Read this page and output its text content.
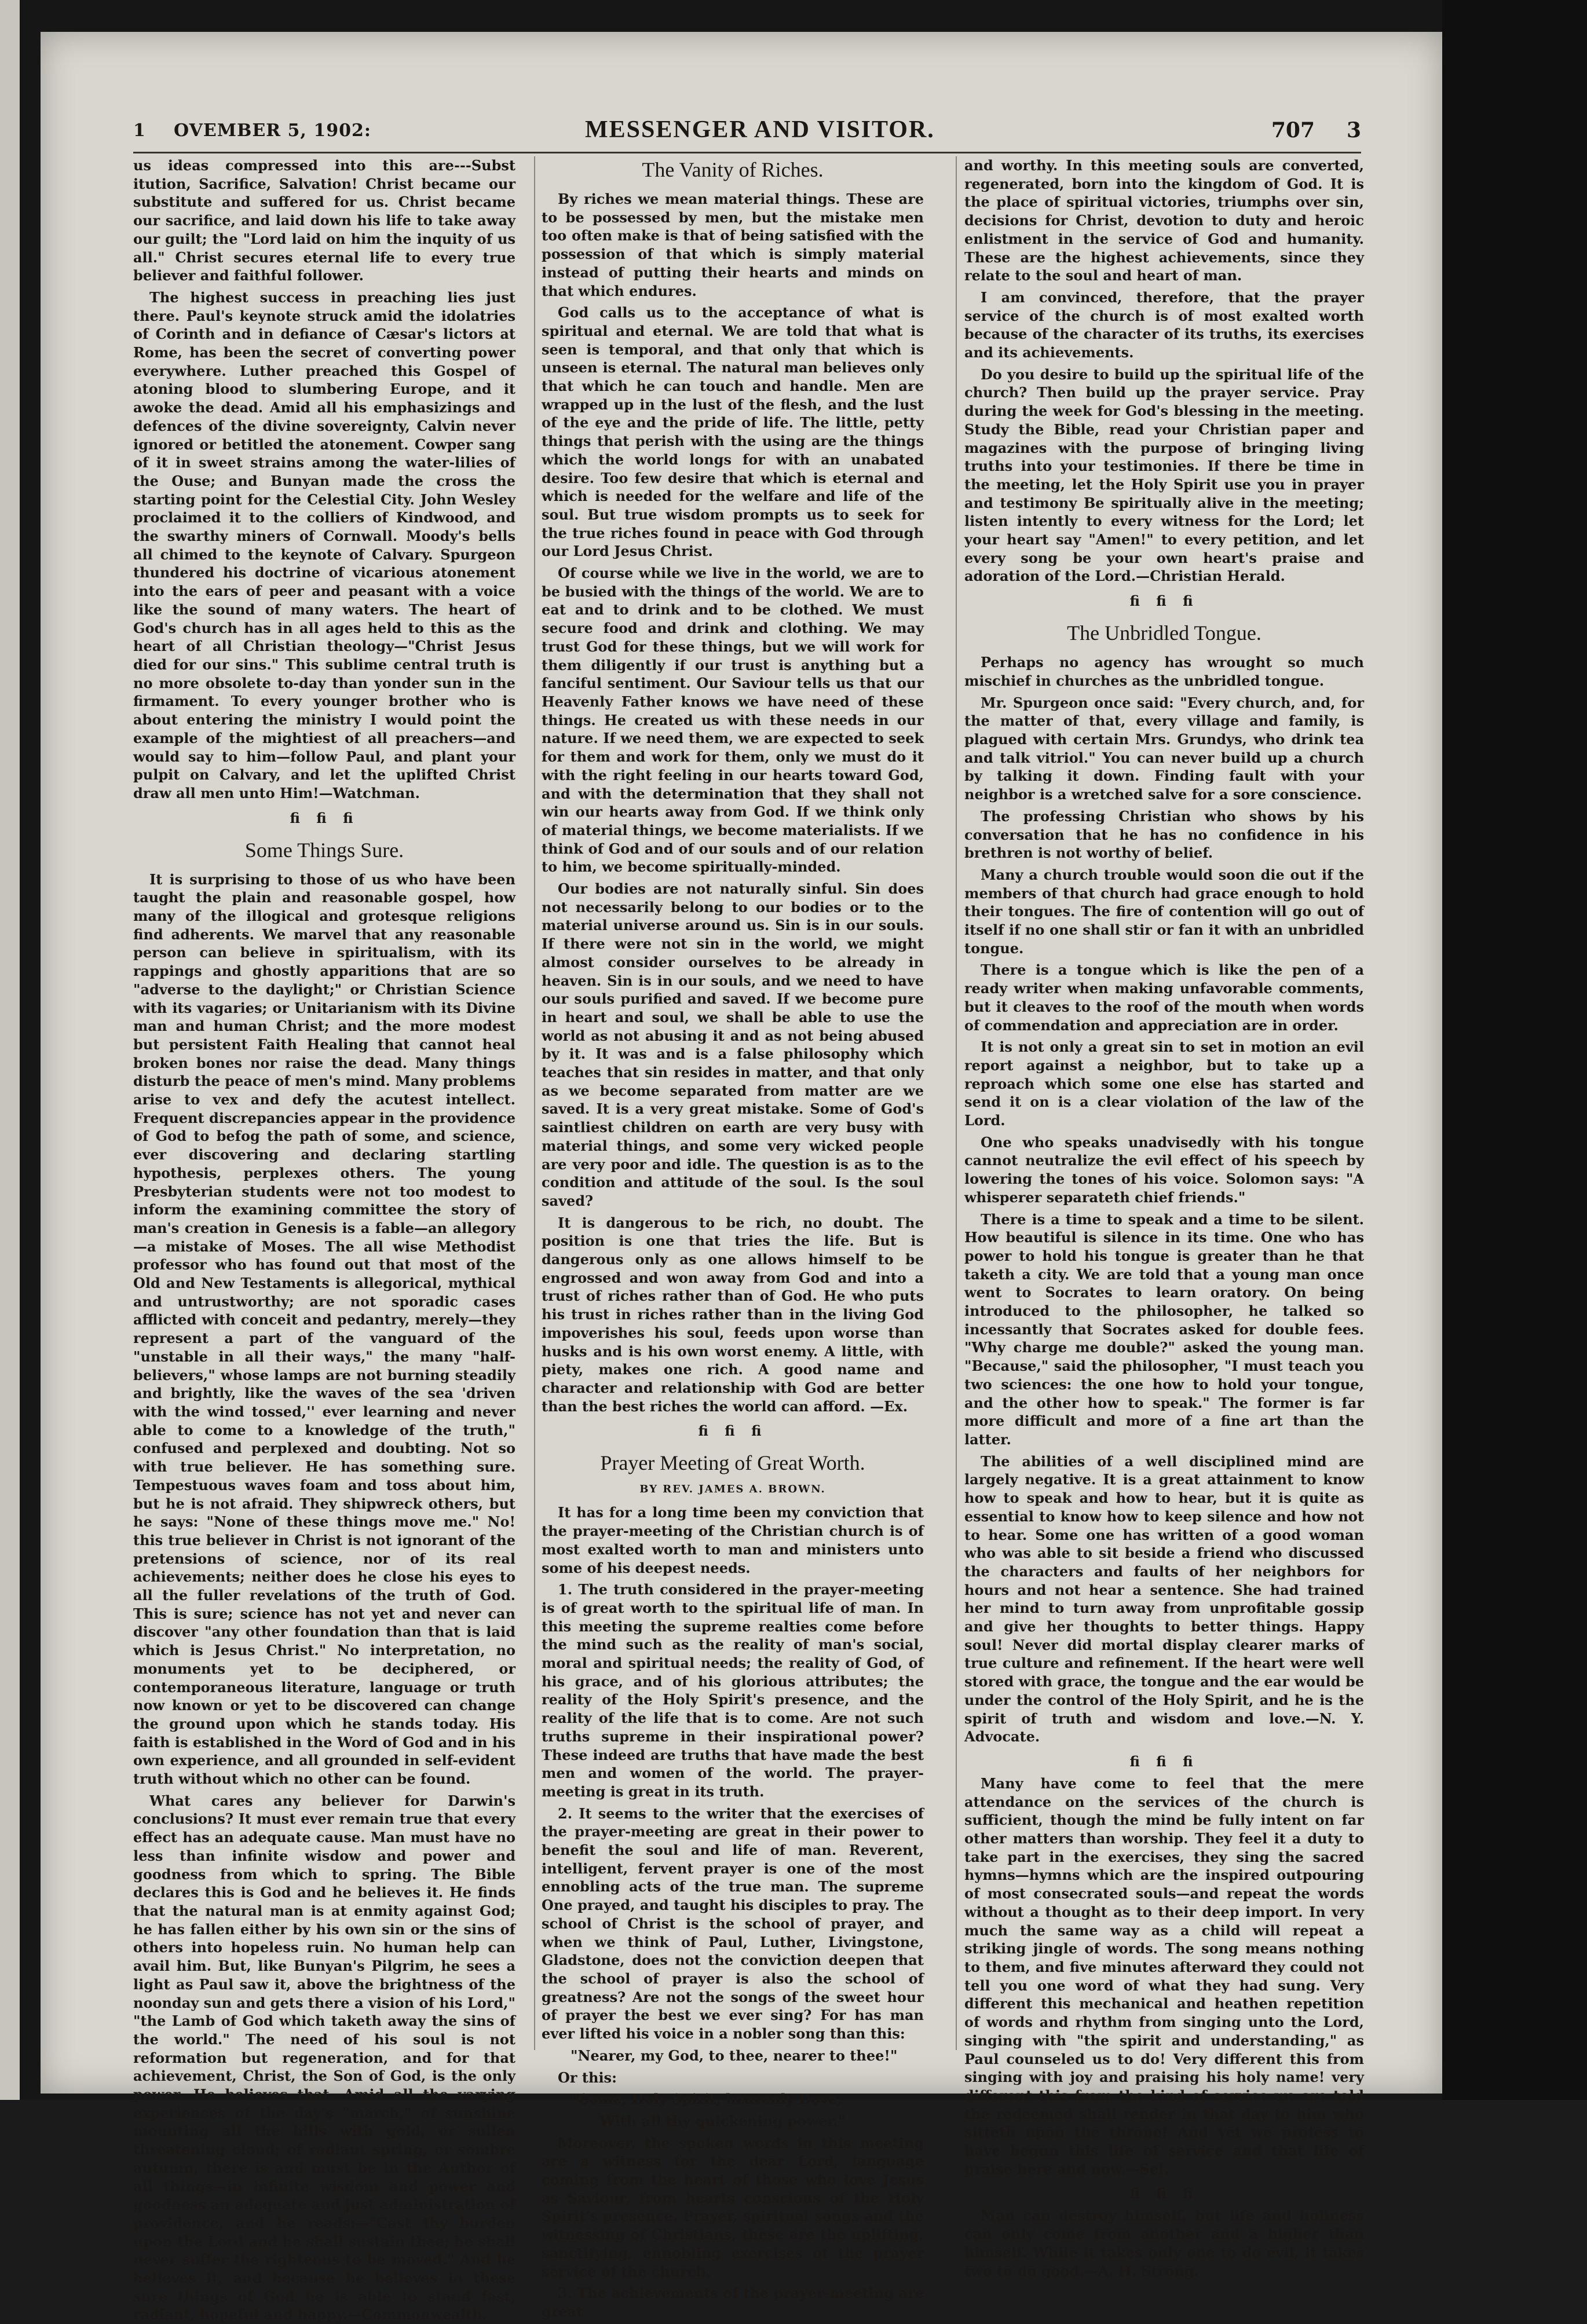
1 OVEMBER 5, 1902:	MESSENGER AND VISITOR.	707 3

us ideas compressed into this are---Subst itution, Sacrifice, Salvation! Christ became our substitute and suffered for us. Christ became our sacrifice, and laid down his life to take away our guilt; the "Lord laid on him the inquity of us all." Christ secures eternal life to every true believer and faithful follower.

The highest success in preaching lies just there. Paul's keynote struck amid the idolatries of Corinth and in defiance of Cæsar's lictors at Rome, has been the secret of converting power everywhere. Luther preached this Gospel of atoning blood to slumbering Europe, and it awoke the dead. Amid all his emphasizings and defences of the divine sovereignty, Calvin never ignored or betitled the atonement. Cowper sang of it in sweet strains among the water-lilies of the Ouse; and Bunyan made the cross the starting point for the Celestial City. John Wesley proclaimed it to the colliers of Kindwood, and the swarthy miners of Cornwall. Moody's bells all chimed to the keynote of Calvary. Spurgeon thundered his doctrine of vicarious atonement into the ears of peer and peasant with a voice like the sound of many waters. The heart of God's church has in all ages held to this as the heart of all Christian theology—"Christ Jesus died for our sins." This sublime central truth is no more obsolete to-day than yonder sun in the firmament. To every younger brother who is about entering the ministry I would point the example of the mightiest of all preachers—and would say to him—follow Paul, and plant your pulpit on Calvary, and let the uplifted Christ draw all men unto Him!—Watchman.

ﬁ ﬁ ﬁ
Some Things Sure.

It is surprising to those of us who have been taught the plain and reasonable gospel, how many of the illogical and grotesque religions find adherents. We marvel that any reasonable person can believe in spiritualism, with its rappings and ghostly apparitions that are so "adverse to the daylight;" or Christian Science with its vagaries; or Unitarianism with its Divine man and human Christ; and the more modest but persistent Faith Healing that cannot heal broken bones nor raise the dead. Many things disturb the peace of men's mind. Many problems arise to vex and defy the acutest intellect. Frequent discrepancies appear in the providence of God to befog the path of some, and science, ever discovering and declaring startling hypothesis, perplexes others. The young Presbyterian students were not too modest to inform the examining committee the story of man's creation in Genesis is a fable—an allegory—a mistake of Moses. The all wise Methodist professor who has found out that most of the Old and New Testaments is allegorical, mythical and untrustworthy; are not sporadic cases afflicted with conceit and pedantry, merely—they represent a part of the vanguard of the "unstable in all their ways," the many "half-believers," whose lamps are not burning steadily and brightly, like the waves of the sea 'driven with the wind tossed,'' ever learning and never able to come to a knowledge of the truth," confused and perplexed and doubting. Not so with true believer. He has something sure. Tempestuous waves foam and toss about him, but he is not afraid. They shipwreck others, but he says: "None of these things move me." No! this true believer in Christ is not ignorant of the pretensions of science, nor of its real achievements; neither does he close his eyes to all the fuller revelations of the truth of God. This is sure; science has not yet and never can discover "any other foundation than that is laid which is Jesus Christ." No interpretation, no monuments yet to be deciphered, or contemporaneous literature, language or truth now known or yet to be discovered can change the ground upon which he stands today. His faith is established in the Word of God and in his own experience, and all grounded in self-evident truth without which no other can be found.

What cares any believer for Darwin's conclusions? It must ever remain true that every effect has an adequate cause. Man must have no less than infinite wisdow and power and goodness from which to spring. The Bible declares this is God and he believes it. He finds that the natural man is at enmity against God; he has fallen either by his own sin or the sins of others into hopeless ruin. No human help can avail him. But, like Bunyan's Pilgrim, he sees a light as Paul saw it, above the brightness of the noonday sun and gets there a vision of his Lord," "the Lamb of God which taketh away the sins of the world." The need of his soul is not reformation but regeneration, and for that achievement, Christ, the Son of God, is the only power. He believes that. Amid all the varying experiences of the day's "march," of sunshine mounting all the hills with gold, or sullen threatening cloud; of radiant spring, or sombre autumn, there is and must be in the Author of all things—in infinite wisdom and power and goodness an adequate and just administration of providence, and he reads:—"Cast thy burden upon the Lord and he shall sustain thee; he shall never suffer the righteous to be moved." And he believes it, and because he believes in these sure things of God he is able to stand fast, radiant, hopeful and happy.—Commonwealth.

The Vanity of Riches.

By riches we mean material things. These are to be possessed by men, but the mistake men too often make is that of being satisfied with the possession of that which is simply material instead of putting their hearts and minds on that which endures.

God calls us to the acceptance of what is spiritual and eternal. We are told that what is seen is temporal, and that only that which is unseen is eternal. The natural man believes only that which he can touch and handle. Men are wrapped up in the lust of the flesh, and the lust of the eye and the pride of life. The little, petty things that perish with the using are the things which the world longs for with an unabated desire. Too few desire that which is eternal and which is needed for the welfare and life of the soul. But true wisdom prompts us to seek for the true riches found in peace with God through our Lord Jesus Christ.

Of course while we live in the world, we are to be busied with the things of the world. We are to eat and to drink and to be clothed. We must secure food and drink and clothing. We may trust God for these things, but we will work for them diligently if our trust is anything but a fanciful sentiment. Our Saviour tells us that our Heavenly Father knows we have need of these things. He created us with these needs in our nature. If we need them, we are expected to seek for them and work for them, only we must do it with the right feeling in our hearts toward God, and with the determination that they shall not win our hearts away from God. If we think only of material things, we become materialists. If we think of God and of our souls and of our relation to him, we become spiritually-minded.

Our bodies are not naturally sinful. Sin does not necessarily belong to our bodies or to the material universe around us. Sin is in our souls. If there were not sin in the world, we might almost consider ourselves to be already in heaven. Sin is in our souls, and we need to have our souls purified and saved. If we become pure in heart and soul, we shall be able to use the world as not abusing it and as not being abused by it. It was and is a false philosophy which teaches that sin resides in matter, and that only as we become separated from matter are we saved. It is a very great mistake. Some of God's saintliest children on earth are very busy with material things, and some very wicked people are very poor and idle. The question is as to the condition and attitude of the soul. Is the soul saved?

It is dangerous to be rich, no doubt. The position is one that tries the life. But is dangerous only as one allows himself to be engrossed and won away from God and into a trust of riches rather than of God. He who puts his trust in riches rather than in the living God impoverishes his soul, feeds upon worse than husks and is his own worst enemy. A little, with piety, makes one rich. A good name and character and relationship with God are better than the best riches the world can afford. —Ex.

ﬁ ﬁ ﬁ
Prayer Meeting of Great Worth.
BY REV. JAMES A. BROWN.

It has for a long time been my conviction that the prayer-meeting of the Christian church is of most exalted worth to man and ministers unto some of his deepest needs.

1. The truth considered in the prayer-meeting is of great worth to the spiritual life of man. In this meeting the supreme realties come before the mind such as the reality of man's social, moral and spiritual needs; the reality of God, of his grace, and of his glorious attributes; the reality of the Holy Spirit's presence, and the reality of the life that is to come. Are not such truths supreme in their inspirational power? These indeed are truths that have made the best men and women of the world. The prayer-meeting is great in its truth.

2. It seems to the writer that the exercises of the prayer-meeting are great in their power to benefit the soul and life of man. Reverent, intelligent, fervent prayer is one of the most ennobling acts of the true man. The supreme One prayed, and taught his disciples to pray. The school of Christ is the school of prayer, and when we think of Paul, Luther, Livingstone, Gladstone, does not the conviction deepen that the school of prayer is also the school of greatness? Are not the songs of the sweet hour of prayer the best we ever sing? For has man ever lifted his voice in a nobler song than this:

"Nearer, my God, to thee, nearer to thee!"
Or this:
"Come, Holy Spirit, heavenly Dove,
With all thy quickening power."

Moreover, the spoken words in this meeting are a witness for the dear Lord, language coming from the heart of those who love Jesus as Saviour, from hearts conscious of the Holy Spirit's presence. Prayer, spiritual songs and the witnessing of Christians, these are the uplifting, sanctifying, ennobling exercises of the prayer service of the church.

3. The achievements of the prayer-meeting are great

and worthy. In this meeting souls are converted, regenerated, born into the kingdom of God. It is the place of spiritual victories, triumphs over sin, decisions for Christ, devotion to duty and heroic enlistment in the service of God and humanity. These are the highest achievements, since they relate to the soul and heart of man.

I am convinced, therefore, that the prayer service of the church is of most exalted worth because of the character of its truths, its exercises and its achievements.

Do you desire to build up the spiritual life of the church? Then build up the prayer service. Pray during the week for God's blessing in the meeting. Study the Bible, read your Christian paper and magazines with the purpose of bringing living truths into your testimonies. If there be time in the meeting, let the Holy Spirit use you in prayer and testimony Be spiritually alive in the meeting; listen intently to every witness for the Lord; let your heart say "Amen!" to every petition, and let every song be your own heart's praise and adoration of the Lord.—Christian Herald.

ﬁ ﬁ ﬁ
The Unbridled Tongue.

Perhaps no agency has wrought so much mischief in churches as the unbridled tongue.

Mr. Spurgeon once said: "Every church, and, for the matter of that, every village and family, is plagued with certain Mrs. Grundys, who drink tea and talk vitriol." You can never build up a church by talking it down. Finding fault with your neighbor is a wretched salve for a sore conscience.

The professing Christian who shows by his conversation that he has no confidence in his brethren is not worthy of belief.

Many a church trouble would soon die out if the members of that church had grace enough to hold their tongues. The fire of contention will go out of itself if no one shall stir or fan it with an unbridled tongue.

There is a tongue which is like the pen of a ready writer when making unfavorable comments, but it cleaves to the roof of the mouth when words of commendation and appreciation are in order.

It is not only a great sin to set in motion an evil report against a neighbor, but to take up a reproach which some one else has started and send it on is a clear violation of the law of the Lord.

One who speaks unadvisedly with his tongue cannot neutralize the evil effect of his speech by lowering the tones of his voice. Solomon says: "A whisperer separateth chief friends."

There is a time to speak and a time to be silent. How beautiful is silence in its time. One who has power to hold his tongue is greater than he that taketh a city. We are told that a young man once went to Socrates to learn oratory. On being introduced to the philosopher, he talked so incessantly that Socrates asked for double fees. "Why charge me double?" asked the young man. "Because," said the philosopher, "I must teach you two sciences: the one how to hold your tongue, and the other how to speak." The former is far more difficult and more of a fine art than the latter.

The abilities of a well disciplined mind are largely negative. It is a great attainment to know how to speak and how to hear, but it is quite as essential to know how to keep silence and how not to hear. Some one has written of a good woman who was able to sit beside a friend who discussed the characters and faults of her neighbors for hours and not hear a sentence. She had trained her mind to turn away from unprofitable gossip and give her thoughts to better things. Happy soul! Never did mortal display clearer marks of true culture and refinement. If the heart were well stored with grace, the tongue and the ear would be under the control of the Holy Spirit, and he is the spirit of truth and wisdom and love.—N. Y. Advocate.

ﬁ ﬁ ﬁ

Many have come to feel that the mere attendance on the services of the church is sufficient, though the mind be fully intent on far other matters than worship. They feel it a duty to take part in the exercises, they sing the sacred hymns—hymns which are the inspired outpouring of most consecrated souls—and repeat the words without a thought as to their deep import. In very much the same way as a child will repeat a striking jingle of words. The song means nothing to them, and five minutes afterward they could not tell you one word of what they had sung. Very different this mechanical and heathen repetition of words and rhythm from singing unto the Lord, singing with "the spirit and understanding," as Paul counseled us to do! Very different this from singing with joy and praising his holy name! very different this from the kind of service we are told the redeemed shall render in that day to him who sitteth upon the throne! And yet we profess to have begun this life of service and that life of praise here and now.—Sel.

ﬁ ﬁ ﬁ

Man can destroy himself, but life and holiness can only come from another and a higher than himself. While it takes only one to do evil, it takes two to do good.—A. H. Strong.
